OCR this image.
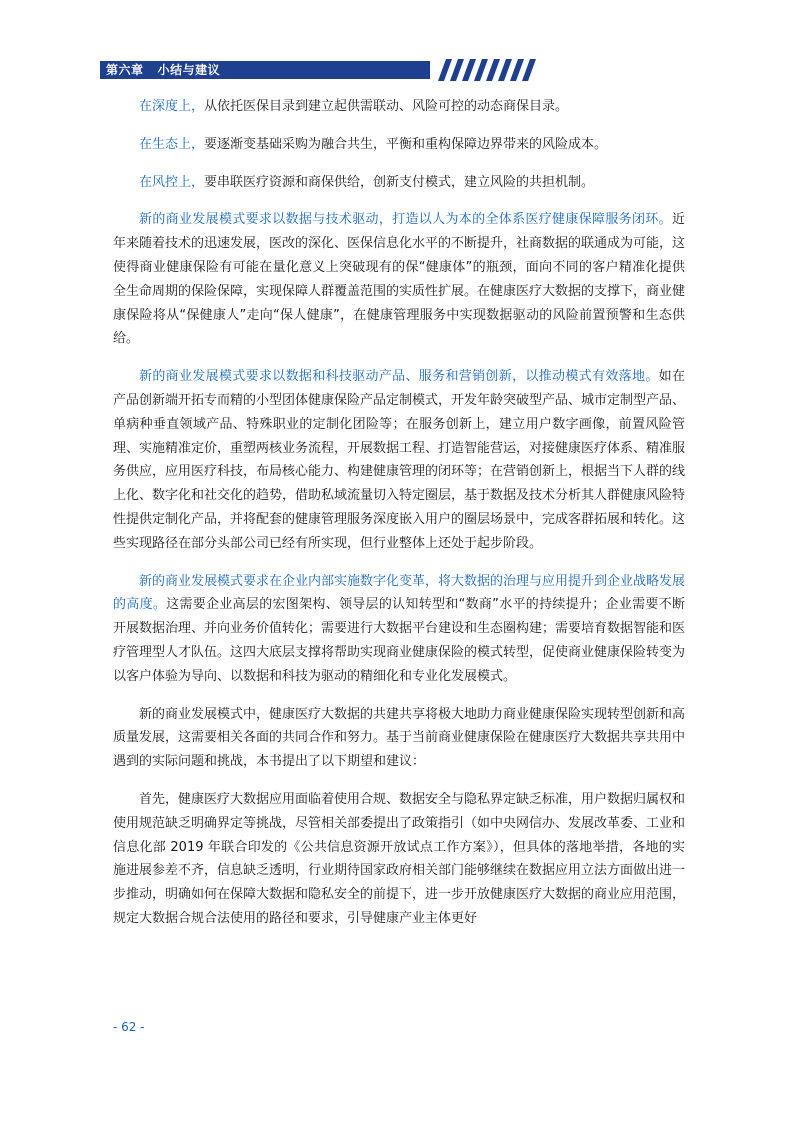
第六章 小结与建议

在深度上，从依托医保目录到建立起供需联动、风险可控的动态商保目录。

在生态上，要逐渐变基础采购为融合共生，平衡和重构保障边界带来的风险成本。

在风控上，要串联医疗资源和商保供给，创新支付模式，建立风险的共担机制。

新的商业发展模式要求以数据与技术驱动，打造以人为本的全体系医疗健康保障服务闭环。近年来随着技术的迅速发展，医改的深化、医保信息化水平的不断提升，社商数据的联通成为可能，这使得商业健康保险有可能在量化意义上突破现有的保“健康体”的瓶颈，面向不同的客户精准化提供全生命周期的保险保障，实现保障人群覆盖范围的实质性扩展。在健康医疗大数据的支撑下，商业健康保险将从“保健康人”走向“保人健康”，在健康管理服务中实现数据驱动的风险前置预警和生态供给。

新的商业发展模式要求以数据和科技驱动产品、服务和营销创新，以推动模式有效落地。如在产品创新端开拓专而精的小型团体健康保险产品定制模式，开发年龄突破型产品、城市定制型产品、单病种垂直领域产品、特殊职业的定制化团险等；在服务创新上，建立用户数字画像，前置风险管理、实施精准定价，重塑两核业务流程，开展数据工程、打造智能营运，对接健康医疗体系、精准服务供应，应用医疗科技，布局核心能力、构建健康管理的闭环等；在营销创新上，根据当下人群的线上化、数字化和社交化的趋势，借助私域流量切入特定圈层，基于数据及技术分析其人群健康风险特性提供定制化产品，并将配套的健康管理服务深度嵌入用户的圈层场景中，完成客群拓展和转化。这些实现路径在部分头部公司已经有所实现，但行业整体上还处于起步阶段。

新的商业发展模式要求在企业内部实施数字化变革，将大数据的治理与应用提升到企业战略发展的高度。这需要企业高层的宏图架构、领导层的认知转型和“数商”水平的持续提升；企业需要不断开展数据治理、并向业务价值转化；需要进行大数据平台建设和生态圈构建；需要培育数据智能和医疗管理型人才队伍。这四大底层支撑将帮助实现商业健康保险的模式转型，促使商业健康保险转变为以客户体验为导向、以数据和科技为驱动的精细化和专业化发展模式。

新的商业发展模式中，健康医疗大数据的共建共享将极大地助力商业健康保险实现转型创新和高质量发展，这需要相关各面的共同合作和努力。基于当前商业健康保险在健康医疗大数据共享共用中遇到的实际问题和挑战，本书提出了以下期望和建议：

首先，健康医疗大数据应用面临着使用合规、数据安全与隐私界定缺乏标准，用户数据归属权和使用规范缺乏明确界定等挑战，尽管相关部委提出了政策指引（如中央网信办、发展改革委、工业和信息化部 2019 年联合印发的《公共信息资源开放试点工作方案》），但具体的落地举措，各地的实施进展参差不齐，信息缺乏透明，行业期待国家政府相关部门能够继续在数据应用立法方面做出进一步推动，明确如何在保障大数据和隐私安全的前提下，进一步开放健康医疗大数据的商业应用范围，规定大数据合规合法使用的路径和要求，引导健康产业主体更好

- 62 -
